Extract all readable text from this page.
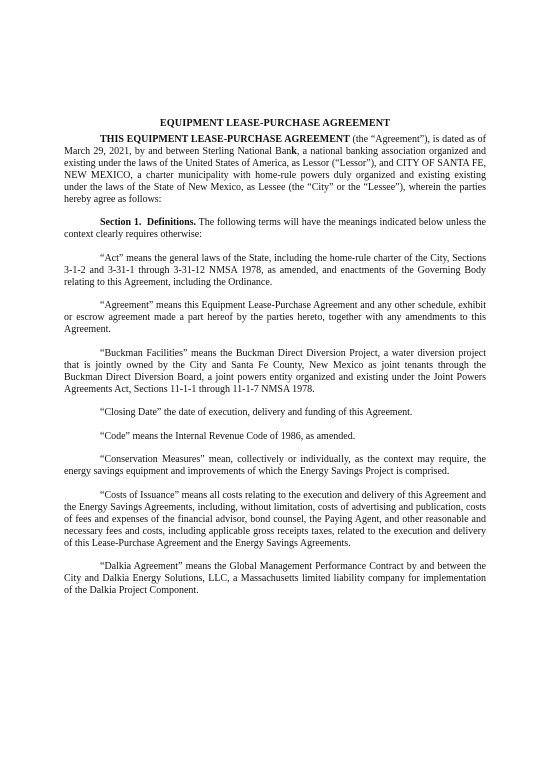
EQUIPMENT LEASE-PURCHASE AGREEMENT

THIS EQUIPMENT LEASE-PURCHASE AGREEMENT (the “Agreement”), is dated as of March 29, 2021, by and between Sterling National Bank, a national banking association organized and existing under the laws of the United States of America, as Lessor (“Lessor”), and CITY OF SANTA FE, NEW MEXICO, a charter municipality with home-rule powers duly organized and existing existing under the laws of the State of New Mexico, as Lessee (the “City” or the “Lessee”), wherein the parties hereby agree as follows:

Section 1. Definitions. The following terms will have the meanings indicated below unless the context clearly requires otherwise:

“Act” means the general laws of the State, including the home-rule charter of the City, Sections 3-1-2 and 3-31-1 through 3-31-12 NMSA 1978, as amended, and enactments of the Governing Body relating to this Agreement, including the Ordinance.

“Agreement” means this Equipment Lease-Purchase Agreement and any other schedule, exhibit or escrow agreement made a part hereof by the parties hereto, together with any amendments to this Agreement.

“Buckman Facilities” means the Buckman Direct Diversion Project, a water diversion project that is jointly owned by the City and Santa Fe County, New Mexico as joint tenants through the Buckman Direct Diversion Board, a joint powers entity organized and existing under the Joint Powers Agreements Act, Sections 11-1-1 through 11-1-7 NMSA 1978.

“Closing Date” the date of execution, delivery and funding of this Agreement.

“Code” means the Internal Revenue Code of 1986, as amended.

“Conservation Measures” mean, collectively or individually, as the context may require, the energy savings equipment and improvements of which the Energy Savings Project is comprised.

“Costs of Issuance” means all costs relating to the execution and delivery of this Agreement and the Energy Savings Agreements, including, without limitation, costs of advertising and publication, costs of fees and expenses of the financial advisor, bond counsel, the Paying Agent, and other reasonable and necessary fees and costs, including applicable gross receipts taxes, related to the execution and delivery of this Lease-Purchase Agreement and the Energy Savings Agreements.

“Dalkia Agreement” means the Global Management Performance Contract by and between the City and Dalkia Energy Solutions, LLC, a Massachusetts limited liability company for implementation of the Dalkia Project Component.
